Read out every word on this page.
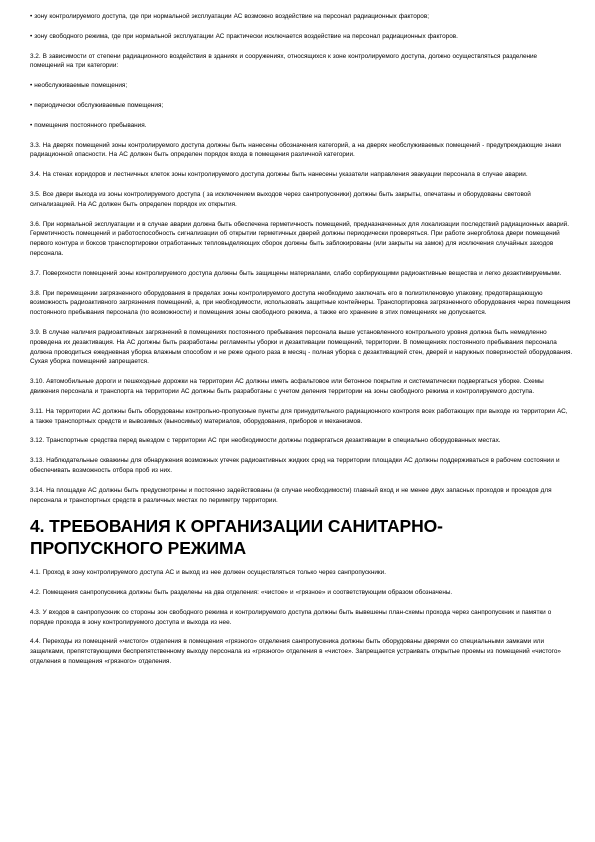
• зону контролируемого доступа, где при нормальной эксплуатации АС возможно воздействие на персонал радиационных факторов;

• зону свободного режима, где при нормальной эксплуатации АС практически исключается воздействие на персонал радиационных факторов.

3.2. В зависимости от степени радиационного воздействия в зданиях и сооружениях, относящихся к зоне контролируемого доступа, должно осуществляться разделение помещений на три категории:

• необслуживаемые помещения;

• периодически обслуживаемые помещения;

• помещения постоянного пребывания.

3.3. На дверях помещений зоны контролируемого доступа должны быть нанесены обозначения категорий, а на дверях необслуживаемых помещений - предупреждающие знаки радиационной опасности. На АС должен быть определен порядок входа в помещения различной категории.

3.4. На стенах коридоров и лестничных клеток зоны контролируемого доступа должны быть нанесены указатели направления эвакуации персонала в случае аварии.

3.5. Все двери выхода из зоны контролируемого доступа ( за исключением выходов через санпропускники) должны быть закрыты, опечатаны и оборудованы световой сигнализацией. На АС должен быть определен порядок их открытия.

3.6. При нормальной эксплуатации и в случае аварии должна быть обеспечена герметичность помещений, предназначенных для локализации последствий радиационных аварий. Герметичность помещений и работоспособность сигнализации об открытии герметичных дверей должны периодически проверяться. При работе энергоблока двери помещений первого контура и боксов транспортировки отработанных тепловыделяющих сборок должны быть заблокированы (или закрыты на замок) для исключения случайных заходов персонала.

3.7. Поверхности помещений зоны контролируемого доступа должны быть защищены материалами, слабо сорбирующими радиоактивные вещества и легко дезактивируемыми.

3.8. При перемещении загрязненного оборудования в пределах зоны контролируемого доступа необходимо заключать его в полиэтиленовую упаковку, предотвращающую возможность радиоактивного загрязнения помещений, а, при необходимости, использовать защитные контейнеры. Транспортировка загрязненного оборудования через помещения постоянного пребывания персонала (по возможности) и помещения зоны свободного режима, а также его хранение в этих помещениях не допускается.

3.9. В случае наличия радиоактивных загрязнений в помещениях постоянного пребывания персонала выше установленного контрольного уровня должна быть немедленно проведена их дезактивация. На АС должны быть разработаны регламенты уборки и дезактивации помещений, территории. В помещениях постоянного пребывания персонала должна проводиться ежедневная уборка влажным способом и не реже одного раза в месяц - полная уборка с дезактивацией стен, дверей и наружных поверхностей оборудования. Сухая уборка помещений запрещается.

3.10. Автомобильные дороги и пешеходные дорожки на территории АС должны иметь асфальтовое или бетонное покрытие и систематически подвергаться уборке. Схемы движения персонала и транспорта на территории АС должны быть разработаны с учетом деления территории на зоны свободного режима и контролируемого доступа.

3.11. На территории АС должны быть оборудованы контрольно-пропускные пункты для принудительного радиационного контроля всех работающих при выходе из территории АС, а также транспортных средств и вывозимых (выносимых) материалов, оборудования, приборов и механизмов.

3.12. Транспортные средства перед выездом с территории АС при необходимости должны подвергаться дезактивации в специально оборудованных местах.

3.13. Наблюдательные скважины для обнаружения возможных утечек радиоактивных жидких сред на территории площадки АС должны поддерживаться в рабочем состоянии и обеспечивать возможность отбора проб из них.

3.14. На площадке АС должны быть предусмотрены и постоянно задействованы (в случае необходимости) главный вход и не менее двух запасных проходов и проездов для персонала и транспортных средств в различных местах по периметру территории.

4. ТРЕБОВАНИЯ К ОРГАНИЗАЦИИ САНИТАРНО-ПРОПУСКНОГО РЕЖИМА

4.1. Проход в зону контролируемого доступа АС и выход из нее должен осуществляться только через санпропускники.

4.2. Помещения санпропускника должны быть разделены на два отделения: «чистое» и «грязное» и соответствующим образом обозначены.

4.3. У входов в санпропускник со стороны зон свободного режима и контролируемого доступа должны быть вывешены план-схемы прохода через санпропускник и памятки о порядке прохода в зону контролируемого доступа и выхода из нее.

4.4. Переходы из помещений «чистого» отделения в помещения «грязного» отделения санпропускника должны быть оборудованы дверями со специальными замками или защелками, препятствующими беспрепятственному выходу персонала из «грязного» отделения в «чистое». Запрещается устраивать открытые проемы из помещений «чистого» отделения в помещения «грязного» отделения.
